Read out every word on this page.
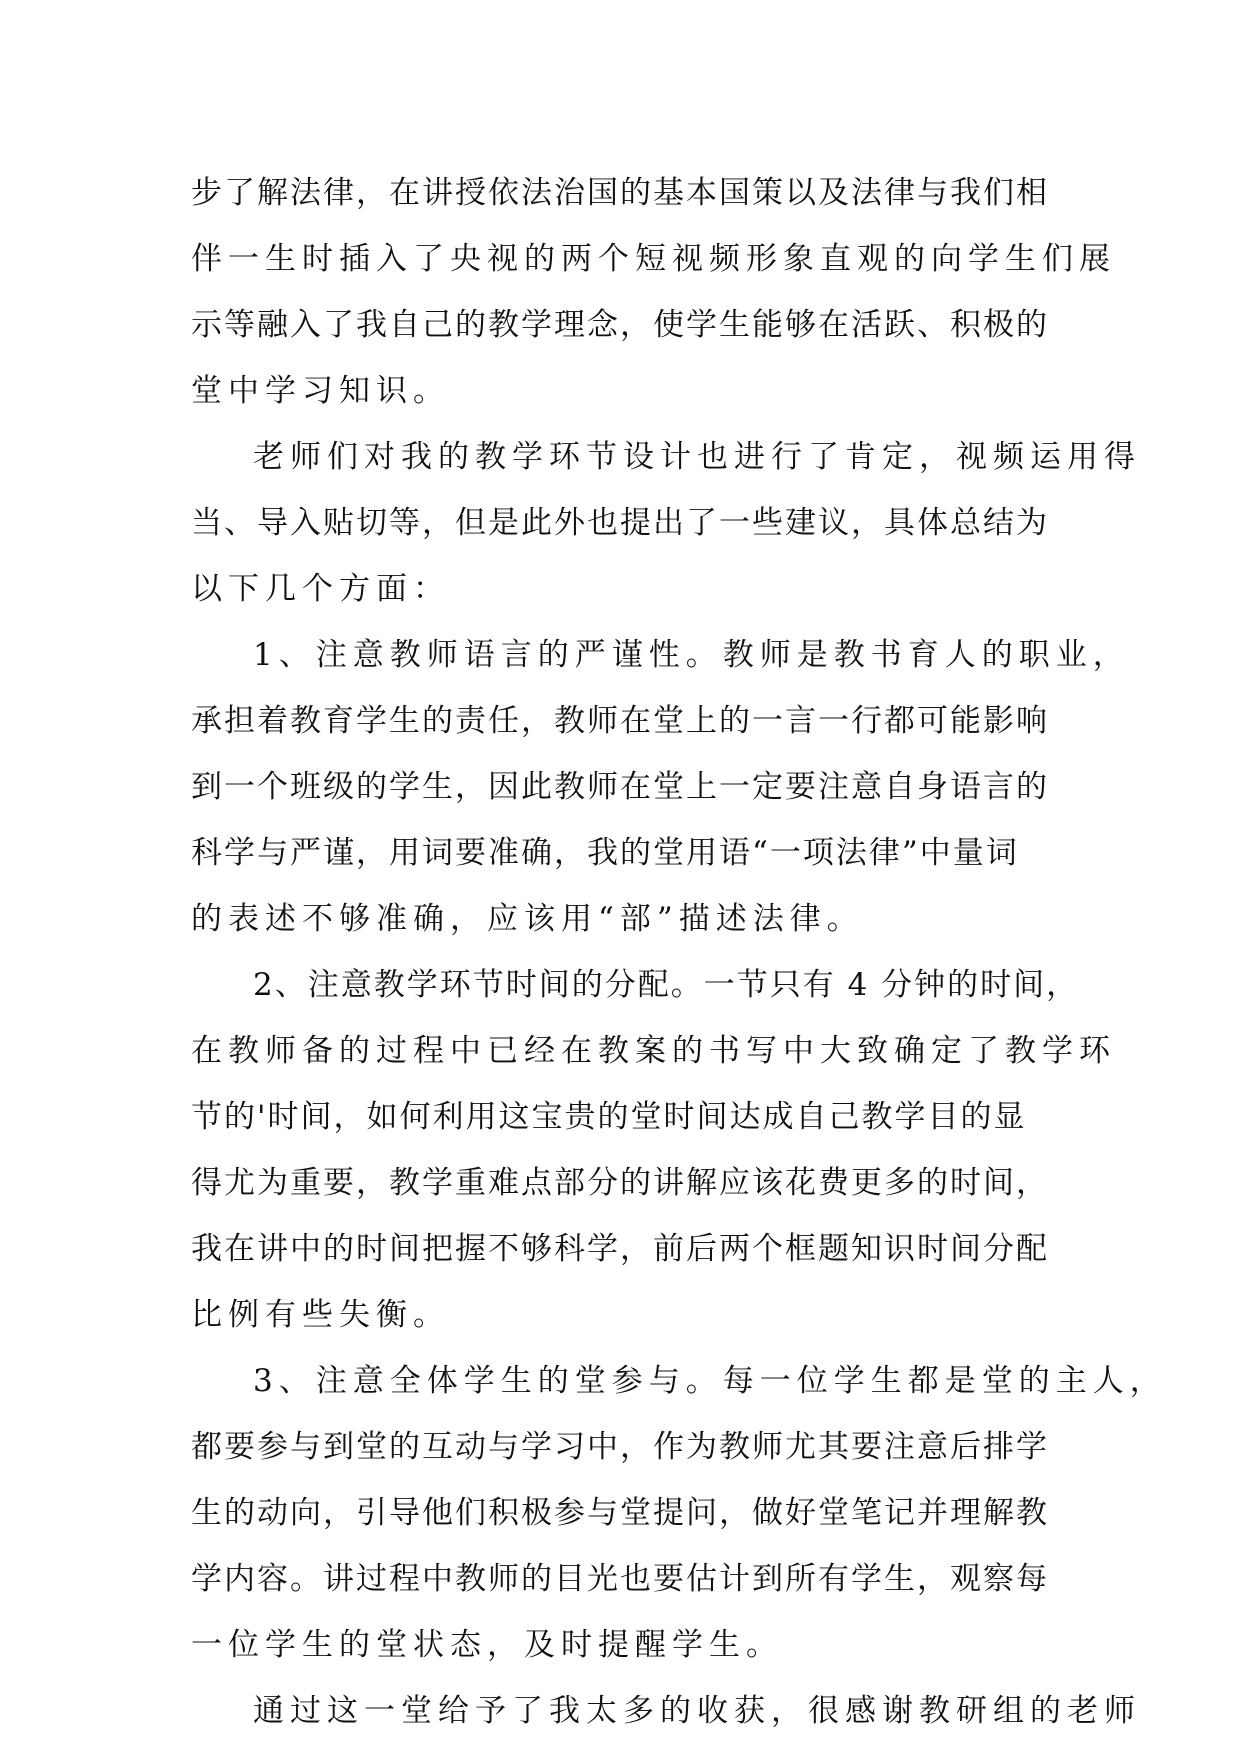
步了解法律，在讲授依法治国的基本国策以及法律与我们相
伴一生时插入了央视的两个短视频形象直观的向学生们展
示等融入了我自己的教学理念，使学生能够在活跃、积极的
堂中学习知识。
老师们对我的教学环节设计也进行了肯定，视频运用得
当、导入贴切等，但是此外也提出了一些建议，具体总结为
以下几个方面：
1、注意教师语言的严谨性。教师是教书育人的职业，
承担着教育学生的责任，教师在堂上的一言一行都可能影响
到一个班级的学生，因此教师在堂上一定要注意自身语言的
科学与严谨，用词要准确，我的堂用语“一项法律”中量词
的表述不够准确，应该用“部”描述法律。
2、注意教学环节时间的分配。一节只有 4 分钟的时间，
在教师备的过程中已经在教案的书写中大致确定了教学环
节的'时间，如何利用这宝贵的堂时间达成自己教学目的显
得尤为重要，教学重难点部分的讲解应该花费更多的时间，
我在讲中的时间把握不够科学，前后两个框题知识时间分配
比例有些失衡。
3、注意全体学生的堂参与。每一位学生都是堂的主人，
都要参与到堂的互动与学习中，作为教师尤其要注意后排学
生的动向，引导他们积极参与堂提问，做好堂笔记并理解教
学内容。讲过程中教师的目光也要估计到所有学生，观察每
一位学生的堂状态，及时提醒学生。
通过这一堂给予了我太多的收获，很感谢教研组的老师
